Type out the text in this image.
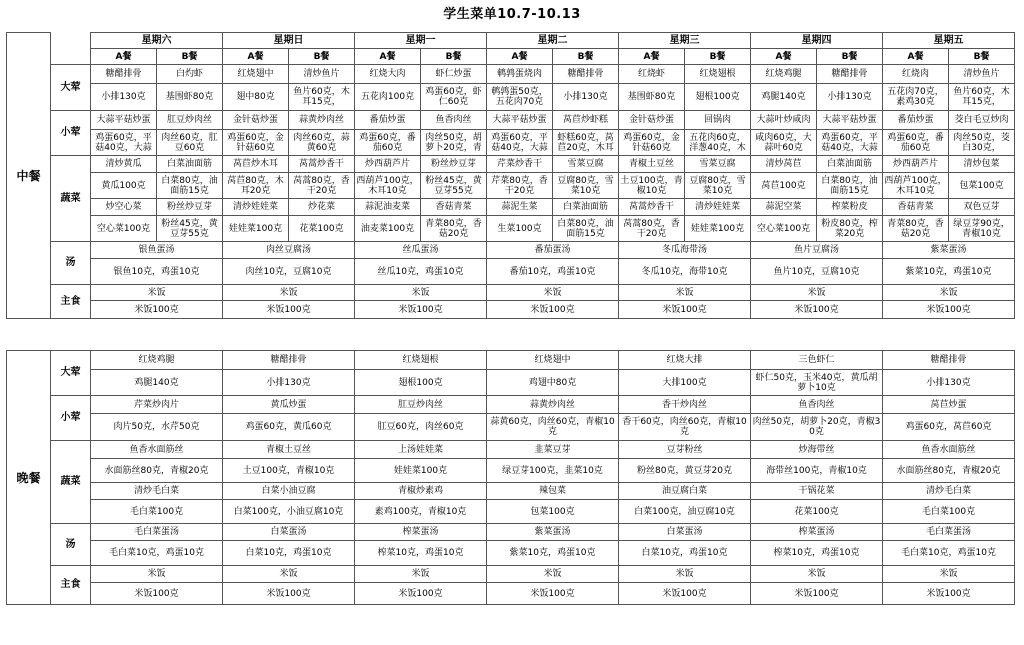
学生菜单10.7-10.13
中餐		星期六		星期日		星期一		星期二		星期三		星期四		星期五	
		A餐	B餐	A餐	B餐	A餐	B餐	A餐	B餐	A餐	B餐	A餐	B餐	A餐	B餐
	大荤	糖醋排骨	白灼虾	红烧翅中	清炒鱼片	红烧大肉	虾仁炒蛋	鹌鹑蛋烧肉	糖醋排骨	红烧虾	红烧翅根	红烧鸡腿	糖醋排骨	红烧肉	清炒鱼片
		小排130克	基围虾80克	翅中80克	鱼片60克，木耳15克，	五花肉100克	鸡蛋60克，虾仁60克	鹌鹑蛋50克，五花肉70克	小排130克	基围虾80克	翅根100克	鸡腿140克	小排130克	五花肉70克，素鸡30克	鱼片60克，木耳15克，
	小荤	大蒜平菇炒蛋	肛豆炒肉丝	金针菇炒蛋	蒜黄炒肉丝	番茄炒蛋	鱼香肉丝	大蒜平菇炒蛋	莴苣炒虾糕	金针菇炒蛋	回锅肉	大蒜叶炒咸肉	大蒜平菇炒蛋	番茄炒蛋	茭白毛豆炒肉
		鸡蛋60克，平菇40克，大蒜	肉丝60克，肛豆60克	鸡蛋60克，金针菇60克	肉丝60克，蒜黄60克	鸡蛋60克，番茄60克	肉丝50克，胡萝卜20克，青	鸡蛋60克，平菇40克，大蒜	虾糕60克，莴苣20克，木耳	鸡蛋60克，金针菇60克	五花肉60克，洋葱40克，木	咸肉60克，大蒜叶60克	鸡蛋60克，平菇40克，大蒜	鸡蛋60克，番茄60克	肉丝50克，茭白30克，
	蔬菜	清炒黄瓜	白菜油面筋	莴苣炒木耳	莴蒿炒香干	炒西葫芦片	粉丝炒豆芽	芹菜炒香干	雪菜豆腐	青椒土豆丝	雪菜豆腐	清炒莴苣	白菜油面筋	炒西葫芦片	清炒包菜
		黄瓜100克	白菜80克，油面筋15克	莴苣80克，木耳20克	莴蒿80克，香干20克	西葫芦100克，木耳10克	粉丝45克，黄豆芽55克	芹菜80克，香干20克	豆腐80克，雪菜10克	土豆100克，青椒10克	豆腐80克，雪菜10克	莴苣100克	白菜80克，油面筋15克	西葫芦100克，木耳10克	包菜100克
		炒空心菜	粉丝炒豆芽	清炒娃娃菜	炒花菜	蒜泥油麦菜	香菇青菜	蒜泥生菜	白菜油面筋	莴蒿炒香干	清炒娃娃菜	蒜泥空菜	榨菜粉皮	香菇青菜	双色豆芽
		空心菜100克	粉丝45克，黄豆芽55克	娃娃菜100克	花菜100克	油麦菜100克	青菜80克，香菇20克	生菜100克	白菜80克，油面筋15克	莴蒿80克，香干20克	娃娃菜100克	空心菜100克	粉皮80克，榨菜20克	青菜80克，香菇20克	绿豆芽90克，青椒10克
	汤	银鱼蛋汤		肉丝豆腐汤		丝瓜蛋汤		番茄蛋汤		冬瓜海带汤		鱼片豆腐汤		紫菜蛋汤	
		银鱼10克，鸡蛋10克		肉丝10克，豆腐10克		丝瓜10克，鸡蛋10克		番茄10克，鸡蛋10克		冬瓜10克，海带10克		鱼片10克，豆腐10克		紫菜10克，鸡蛋10克	
	主食	米饭		米饭		米饭		米饭		米饭		米饭		米饭	
		米饭100克		米饭100克		米饭100克		米饭100克		米饭100克		米饭100克		米饭100克	
晚餐	大荤	红烧鸡腿	糖醋排骨	红烧翅根	红烧翅中	红烧大排	三色虾仁	糖醋排骨
		鸡腿140克	小排130克	翅根100克	鸡翅中80克	大排100克	虾仁50克，玉米40克，黄瓜胡萝卜10克	小排130克
	小荤	芹菜炒肉片	黄瓜炒蛋	肛豆炒肉丝	蒜黄炒肉丝	香干炒肉丝	鱼香肉丝	莴苣炒蛋
		肉片50克，水芹50克	鸡蛋60克，黄瓜60克	肛豆60克，肉丝60克	蒜黄60克，肉丝60克，青椒10克	香干60克，肉丝60克，青椒10克	肉丝50克，胡萝卜20克，青椒30克	鸡蛋60克，莴苣60克
	蔬菜	鱼香水面筋丝	青椒土豆丝	上汤娃娃菜	韭菜豆芽	豆芽粉丝	炒海带丝	鱼香水面筋丝
		水面筋丝80克，青椒20克	土豆100克，青椒10克	娃娃菜100克	绿豆芽100克，韭菜10克	粉丝80克，黄豆芽20克	海带丝100克，青椒10克	水面筋丝80克，青椒20克
		清炒毛白菜	白菜小油豆腐	青椒炒素鸡	辣包菜	油豆腐白菜	干锅花菜	清炒毛白菜
		毛白菜100克	白菜100克，小油豆腐10克	素鸡100克，青椒10克	包菜100克	白菜100克，油豆腐10克	花菜100克	毛白菜100克
	汤	毛白菜蛋汤	白菜蛋汤	榨菜蛋汤	紫菜蛋汤	白菜蛋汤	榨菜蛋汤	毛白菜蛋汤
		毛白菜10克，鸡蛋10克	白菜10克，鸡蛋10克	榨菜10克，鸡蛋10克	紫菜10克，鸡蛋10克	白菜10克，鸡蛋10克	榨菜10克，鸡蛋10克	毛白菜10克，鸡蛋10克
	主食	米饭	米饭	米饭	米饭	米饭	米饭	米饭
		米饭100克	米饭100克	米饭100克	米饭100克	米饭100克	米饭100克	米饭100克
